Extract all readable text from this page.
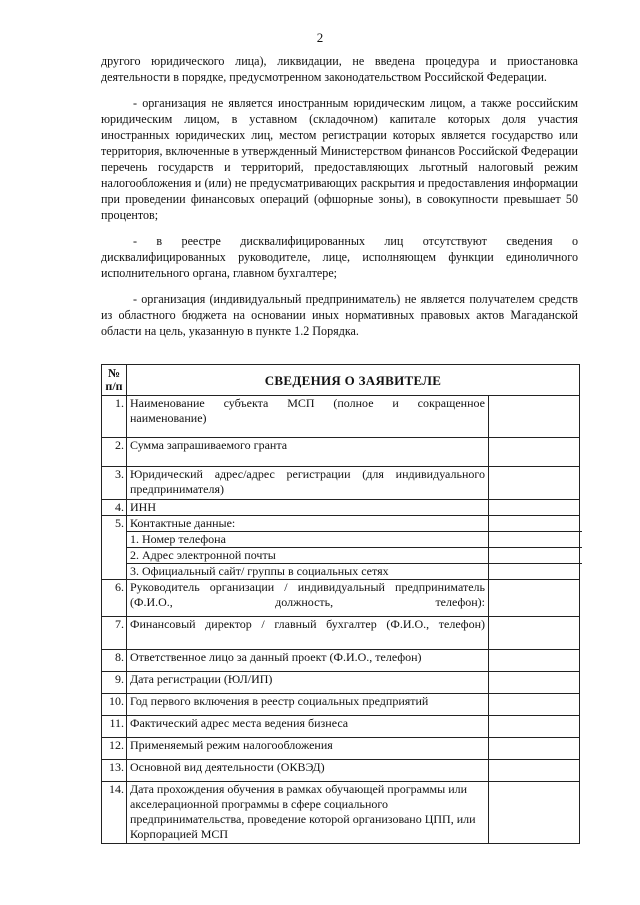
2

другого юридического лица), ликвидации, не введена процедура и приостановка деятельности в порядке, предусмотренном законодательством Российской Федерации.

- организация не является иностранным юридическим лицом, а также российским юридическим лицом, в уставном (складочном) капитале которых доля участия иностранных юридических лиц, местом регистрации которых является государство или территория, включенные в утвержденный Министерством финансов Российской Федерации перечень государств и территорий, предоставляющих льготный налоговый режим налогообложения и (или) не предусматривающих раскрытия и предоставления информации при проведении финансовых операций (офшорные зоны), в совокупности превышает 50 процентов;

- в реестре дисквалифицированных лиц отсутствуют сведения о дисквалифицированных руководителе, лице, исполняющем функции единоличного исполнительного органа, главном бухгалтере;

- организация (индивидуальный предприниматель) не является получателем средств из областного бюджета на основании иных нормативных правовых актов Магаданской области на цель, указанную в пункте 1.2 Порядка.

№
п/п	СВЕДЕНИЯ О ЗАЯВИТЕЛЕ	
1.	Наименование субъекта МСП (полное и сокращенное наименование)	
2.	Сумма запрашиваемого гранта	
3.	Юридический адрес/адрес регистрации (для индивидуального предпринимателя)	
4.	ИНН	
5.	Контактные данные:
1. Номер телефона
2. Адрес электронной почты
3. Официальный сайт/ группы в социальных сетях	

6.	Руководитель организации / индивидуальный предприниматель (Ф.И.О., должность, телефон):	
7.	Финансовый директор / главный бухгалтер (Ф.И.О., телефон)	
8.	Ответственное лицо за данный проект (Ф.И.О., телефон)	
9.	Дата регистрации (ЮЛ/ИП)	
10.	Год первого включения в реестр социальных предприятий	
11.	Фактический адрес места ведения бизнеса	
12.	Применяемый режим налогообложения	
13.	Основной вид деятельности (ОКВЭД)	
14.	Дата прохождения обучения в рамках обучающей программы или акселерационной программы в сфере социального предпринимательства, проведение которой организовано ЦПП, или Корпорацией МСП	
